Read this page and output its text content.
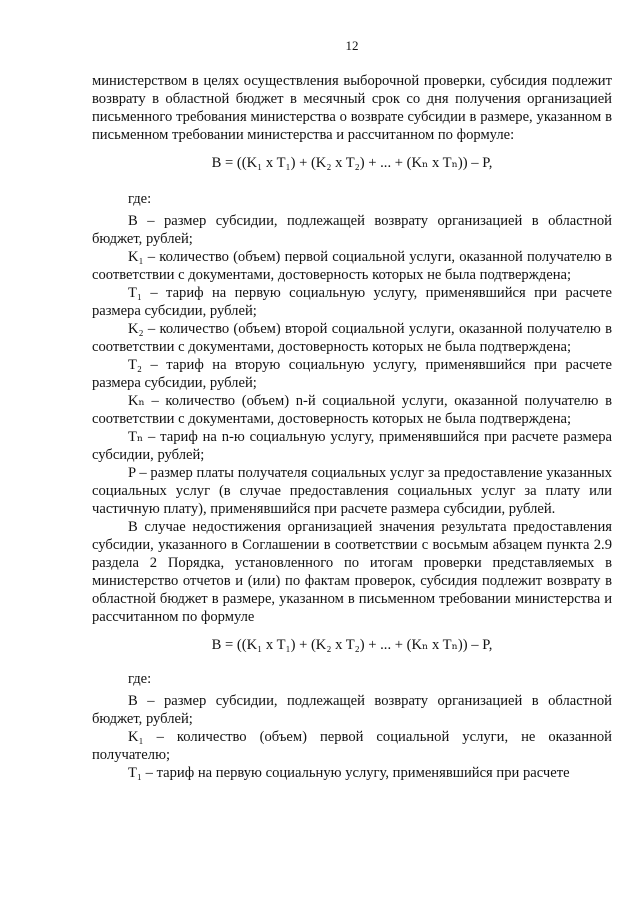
12

министерством в целях осуществления выборочной проверки, субсидия подлежит возврату в областной бюджет в месячный срок со дня получения организацией письменного требования министерства о возврате субсидии в размере, указанном в письменном требовании министерства и рассчитанном по формуле:

B = ((K₁ x T₁) + (K₂ x T₂) + ... + (Kₙ x Tₙ)) – P,

где:

B – размер субсидии, подлежащей возврату организацией в областной бюджет, рублей;

K₁ – количество (объем) первой социальной услуги, оказанной получателю в соответствии с документами, достоверность которых не была подтверждена;

T₁ – тариф на первую социальную услугу, применявшийся при расчете размера субсидии, рублей;

K₂ – количество (объем) второй социальной услуги, оказанной получателю в соответствии с документами, достоверность которых не была подтверждена;

T₂ – тариф на вторую социальную услугу, применявшийся при расчете размера субсидии, рублей;

Kₙ – количество (объем) n-й социальной услуги, оказанной получателю в соответствии с документами, достоверность которых не была подтверждена;

Tₙ – тариф на n-ю социальную услугу, применявшийся при расчете размера субсидии, рублей;

P – размер платы получателя социальных услуг за предоставление указанных социальных услуг (в случае предоставления социальных услуг за плату или частичную плату), применявшийся при расчете размера субсидии, рублей.

В случае недостижения организацией значения результата предоставления субсидии, указанного в Соглашении в соответствии с восьмым абзацем пункта 2.9 раздела 2 Порядка, установленного по итогам проверки представляемых в министерство отчетов и (или) по фактам проверок, субсидия подлежит возврату в областной бюджет в размере, указанном в письменном требовании министерства и рассчитанном по формуле

B = ((K₁ x T₁) + (K₂ x T₂) + ... + (Kₙ x Tₙ)) – P,

где:

B – размер субсидии, подлежащей возврату организацией в областной бюджет, рублей;

K₁ – количество (объем) первой социальной услуги, не оказанной получателю;

T₁ – тариф на первую социальную услугу, применявшийся при расчете
